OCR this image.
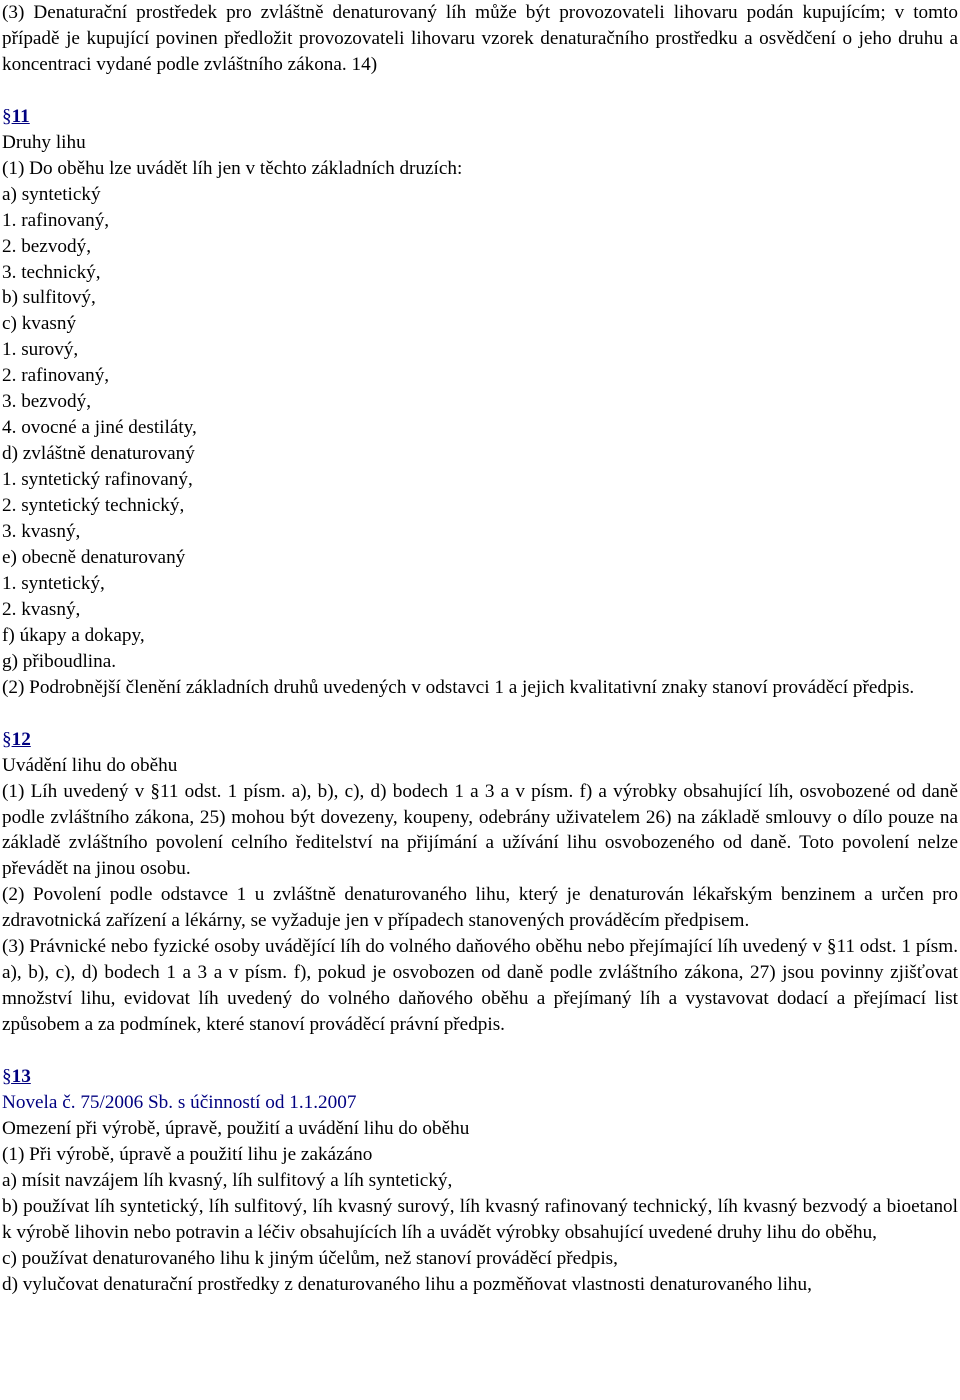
(3) Denaturační prostředek pro zvláštně denaturovaný líh může být provozovateli lihovaru podán kupujícím; v tomto případě je kupující povinen předložit provozovateli lihovaru vzorek denaturačního prostředku a osvědčení o jeho druhu a koncentraci vydané podle zvláštního zákona. 14)

§11
Druhy lihu
(1) Do oběhu lze uvádět líh jen v těchto základních druzích:
a) syntetický
1. rafinovaný,
2. bezvodý,
3. technický,
b) sulfitový,
c) kvasný
1. surový,
2. rafinovaný,
3. bezvodý,
4. ovocné a jiné destiláty,
d) zvláštně denaturovaný
1. syntetický rafinovaný,
2. syntetický technický,
3. kvasný,
e) obecně denaturovaný
1. syntetický,
2. kvasný,
f) úkapy a dokapy,
g) přiboudlina.

(2) Podrobnější členění základních druhů uvedených v odstavci 1 a jejich kvalitativní znaky stanoví prováděcí předpis.

§12
Uvádění lihu do oběhu

(1) Líh uvedený v §11 odst. 1 písm. a), b), c), d) bodech 1 a 3 a v písm. f) a výrobky obsahující líh, osvobozené od daně podle zvláštního zákona, 25) mohou být dovezeny, koupeny, odebrány uživatelem 26) na základě smlouvy o dílo pouze na základě zvláštního povolení celního ředitelství na přijímání a užívání lihu osvobozeného od daně. Toto povolení nelze převádět na jinou osobu.

(2) Povolení podle odstavce 1 u zvláštně denaturovaného lihu, který je denaturován lékařským benzinem a určen pro zdravotnická zařízení a lékárny, se vyžaduje jen v případech stanovených prováděcím předpisem.

(3) Právnické nebo fyzické osoby uvádějící líh do volného daňového oběhu nebo přejímající líh uvedený v §11 odst. 1 písm. a), b), c), d) bodech 1 a 3 a v písm. f), pokud je osvobozen od daně podle zvláštního zákona, 27) jsou povinny zjišťovat množství lihu, evidovat líh uvedený do volného daňového oběhu a přejímaný líh a vystavovat dodací a přejímací list způsobem a za podmínek, které stanoví prováděcí právní předpis.

§13
Novela č. 75/2006 Sb. s účinností od 1.1.2007
Omezení při výrobě, úpravě, použití a uvádění lihu do oběhu
(1) Při výrobě, úpravě a použití lihu je zakázáno

a) mísit navzájem líh kvasný, líh sulfitový a líh syntetický,

b) používat líh syntetický, líh sulfitový, líh kvasný surový, líh kvasný rafinovaný technický, líh kvasný bezvodý a bioetanol k výrobě lihovin nebo potravin a léčiv obsahujících líh a uvádět výrobky obsahující uvedené druhy lihu do oběhu,

c) používat denaturovaného lihu k jiným účelům, než stanoví prováděcí předpis,

d) vylučovat denaturační prostředky z denaturovaného lihu a pozměňovat vlastnosti denaturovaného lihu,
